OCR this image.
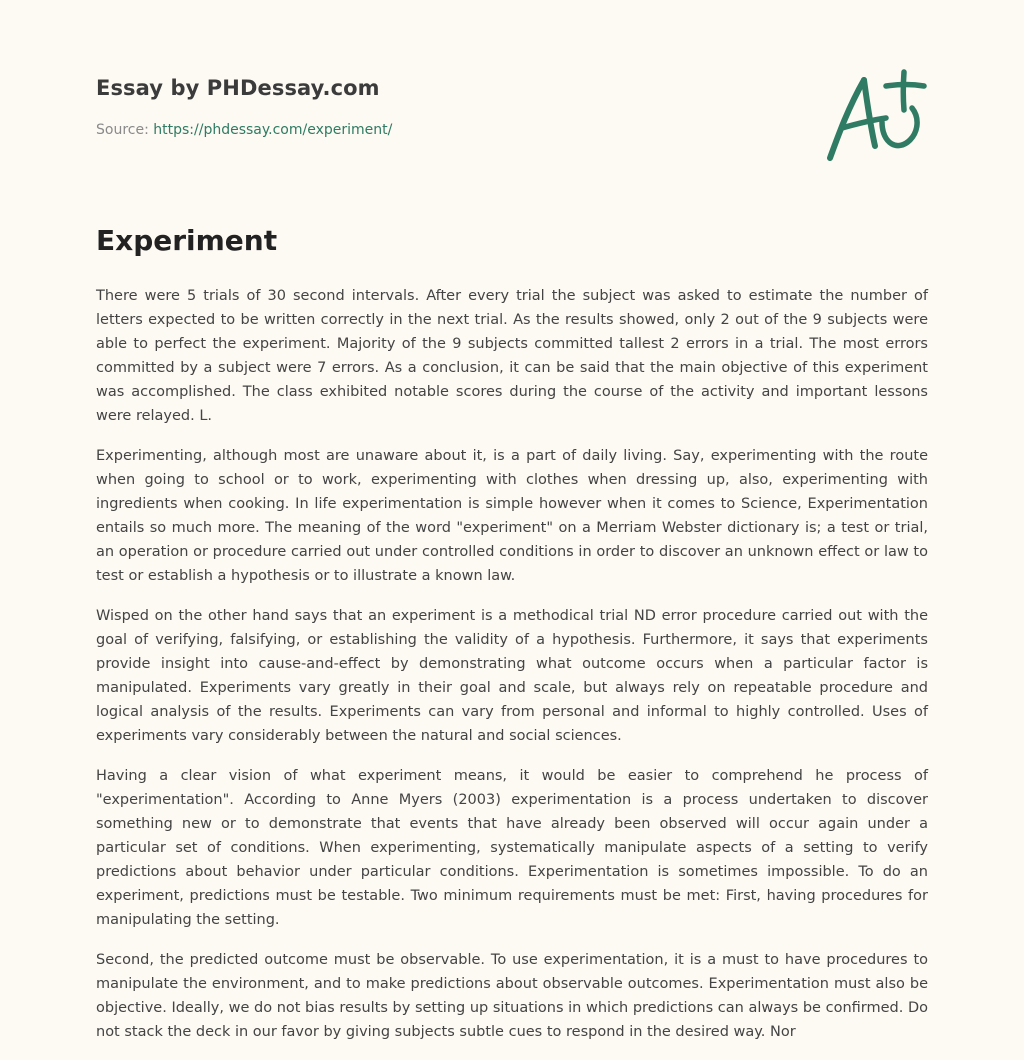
Essay by PHDessay.com
Source: https://phdessay.com/experiment/
Experiment

There were 5 trials of 30 second intervals. After every trial the subject was asked to estimate the number of letters expected to be written correctly in the next trial. As the results showed, only 2 out of the 9 subjects were able to perfect the experiment. Majority of the 9 subjects committed tallest 2 errors in a trial. The most errors committed by a subject were 7 errors. As a conclusion, it can be said that the main objective of this experiment was accomplished. The class exhibited notable scores during the course of the activity and important lessons were relayed. L.

Experimenting, although most are unaware about it, is a part of daily living. Say, experimenting with the route when going to school or to work, experimenting with clothes when dressing up, also, experimenting with ingredients when cooking. In life experimentation is simple however when it comes to Science, Experimentation entails so much more. The meaning of the word "experiment" on a Merriam Webster dictionary is; a test or trial, an operation or procedure carried out under controlled conditions in order to discover an unknown effect or law to test or establish a hypothesis or to illustrate a known law.

Wisped on the other hand says that an experiment is a methodical trial ND error procedure carried out with the goal of verifying, falsifying, or establishing the validity of a hypothesis. Furthermore, it says that experiments provide insight into cause-and-effect by demonstrating what outcome occurs when a particular factor is manipulated. Experiments vary greatly in their goal and scale, but always rely on repeatable procedure and logical analysis of the results. Experiments can vary from personal and informal to highly controlled. Uses of experiments vary considerably between the natural and social sciences.

Having a clear vision of what experiment means, it would be easier to comprehend he process of "experimentation". According to Anne Myers (2003) experimentation is a process undertaken to discover something new or to demonstrate that events that have already been observed will occur again under a particular set of conditions. When experimenting, systematically manipulate aspects of a setting to verify predictions about behavior under particular conditions. Experimentation is sometimes impossible. To do an experiment, predictions must be testable. Two minimum requirements must be met: First, having procedures for manipulating the setting.

Second, the predicted outcome must be observable. To use experimentation, it is a must to have procedures to manipulate the environment, and to make predictions about observable outcomes. Experimentation must also be objective. Ideally, we do not bias results by setting up situations in which predictions can always be confirmed. Do not stack the deck in our favor by giving subjects subtle cues to respond in the desired way. Nor
